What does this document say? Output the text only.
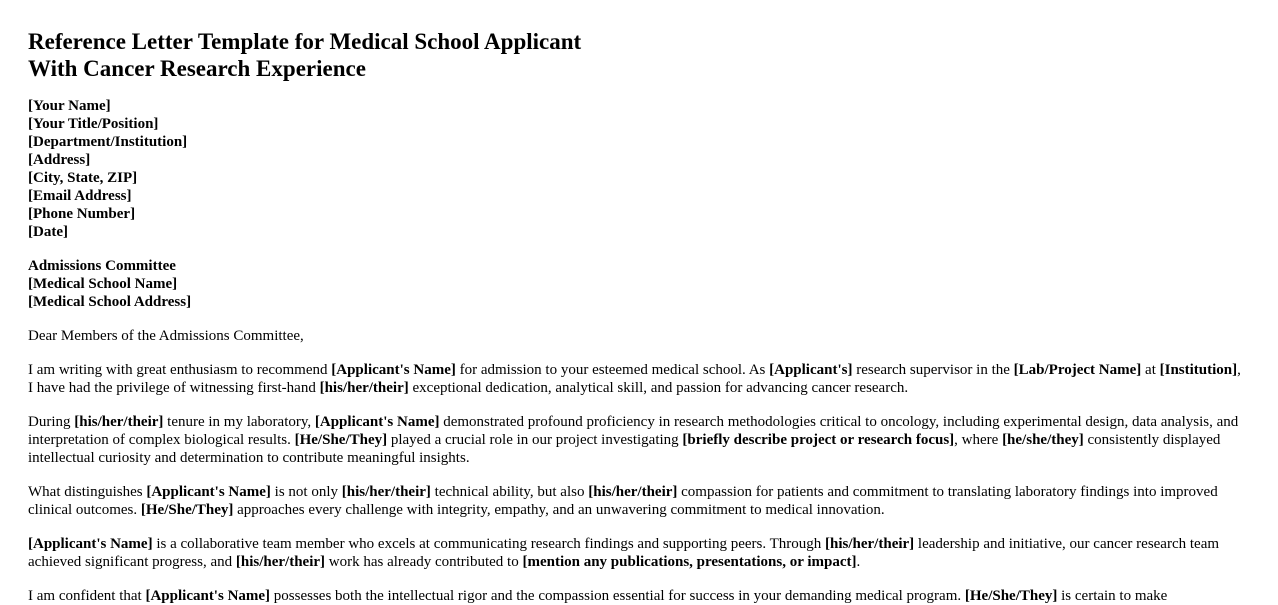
Reference Letter Template for Medical School Applicant
With Cancer Research Experience
[Your Name]
[Your Title/Position]
[Department/Institution]
[Address]
[City, State, ZIP]
[Email Address]
[Phone Number]
[Date]
Admissions Committee
[Medical School Name]
[Medical School Address]

Dear Members of the Admissions Committee,

I am writing with great enthusiasm to recommend [Applicant's Name] for admission to your esteemed medical school. As [Applicant's] research supervisor in the [Lab/Project Name] at [Institution], I have had the privilege of witnessing first-hand [his/her/their] exceptional dedication, analytical skill, and passion for advancing cancer research.

During [his/her/their] tenure in my laboratory, [Applicant's Name] demonstrated profound proficiency in research methodologies critical to oncology, including experimental design, data analysis, and interpretation of complex biological results. [He/She/They] played a crucial role in our project investigating [briefly describe project or research focus], where [he/she/they] consistently displayed intellectual curiosity and determination to contribute meaningful insights.

What distinguishes [Applicant's Name] is not only [his/her/their] technical ability, but also [his/her/their] compassion for patients and commitment to translating laboratory findings into improved clinical outcomes. [He/She/They] approaches every challenge with integrity, empathy, and an unwavering commitment to medical innovation.

[Applicant's Name] is a collaborative team member who excels at communicating research findings and supporting peers. Through [his/her/their] leadership and initiative, our cancer research team achieved significant progress, and [his/her/their] work has already contributed to [mention any publications, presentations, or impact].

I am confident that [Applicant's Name] possesses both the intellectual rigor and the compassion essential for success in your demanding medical program. [He/She/They] is certain to make
